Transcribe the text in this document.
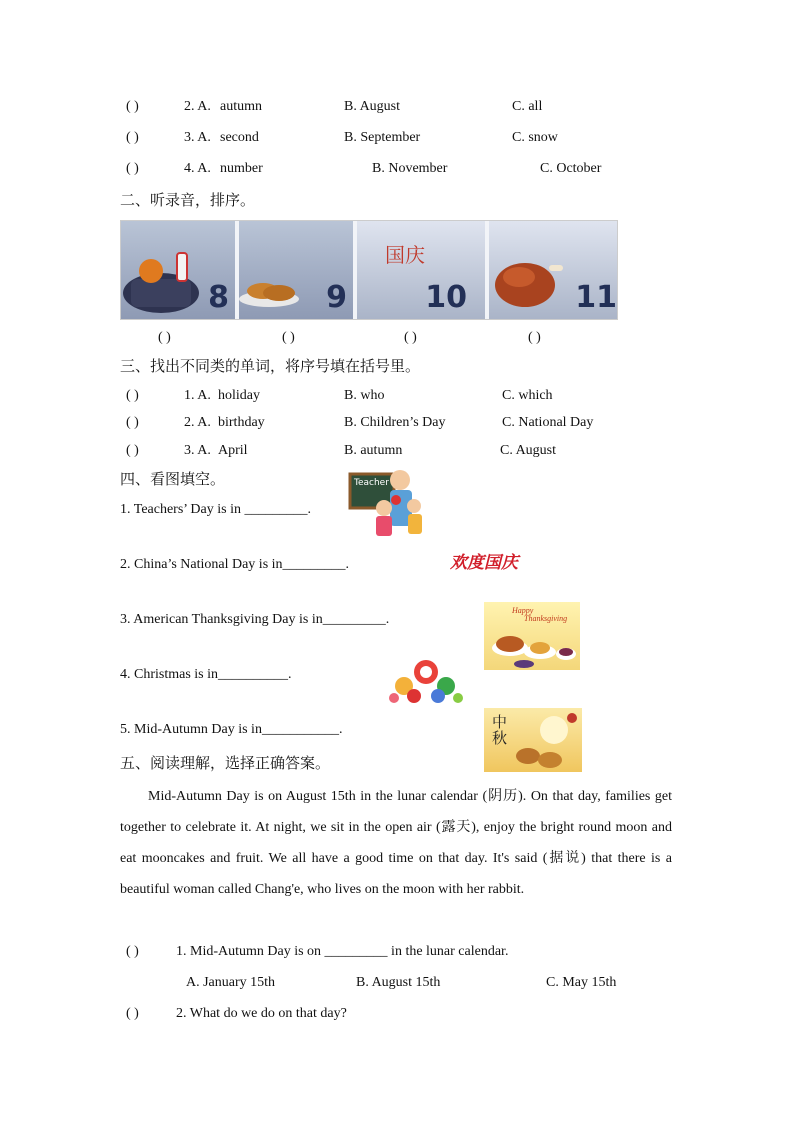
( )	2. A. autumn	B. August	C. all
( )	3. A. second	B. September	C. snow
( )	4. A. number	B. November	C. October
二、听录音，排序。
8	9
国庆
10	11
( )	( )	( )	( )
三、找出不同类的单词，将序号填在括号里。
( )	1. A. holiday	B. who	C. which
( )	2. A. birthday	B. Children’s Day	C. National Day
( )	3. A. April	B. autumn	C. August
四、看图填空。
1. Teachers’ Day is in _________.
Teacher
2. China’s National Day is in_________.	欢度国庆
3. American Thanksgiving Day is in_________.
Happy
Thanksgiving
4. Christmas is in__________.
5. Mid-Autumn Day is in___________.	中秋
五、阅读理解，选择正确答案。

Mid-Autumn Day is on August 15th in the lunar calendar (阴历). On that day, families get together to celebrate it. At night, we sit in the open air (露天), enjoy the bright round moon and eat mooncakes and fruit. We all have a good time on that day. It's said (据说) that there is a beautiful woman called Chang'e, who lives on the moon with her rabbit.

( )	1. Mid-Autumn Day is on _________ in the lunar calendar.
A. January 15th	B. August 15th	C. May 15th
( )	2. What do we do on that day?
